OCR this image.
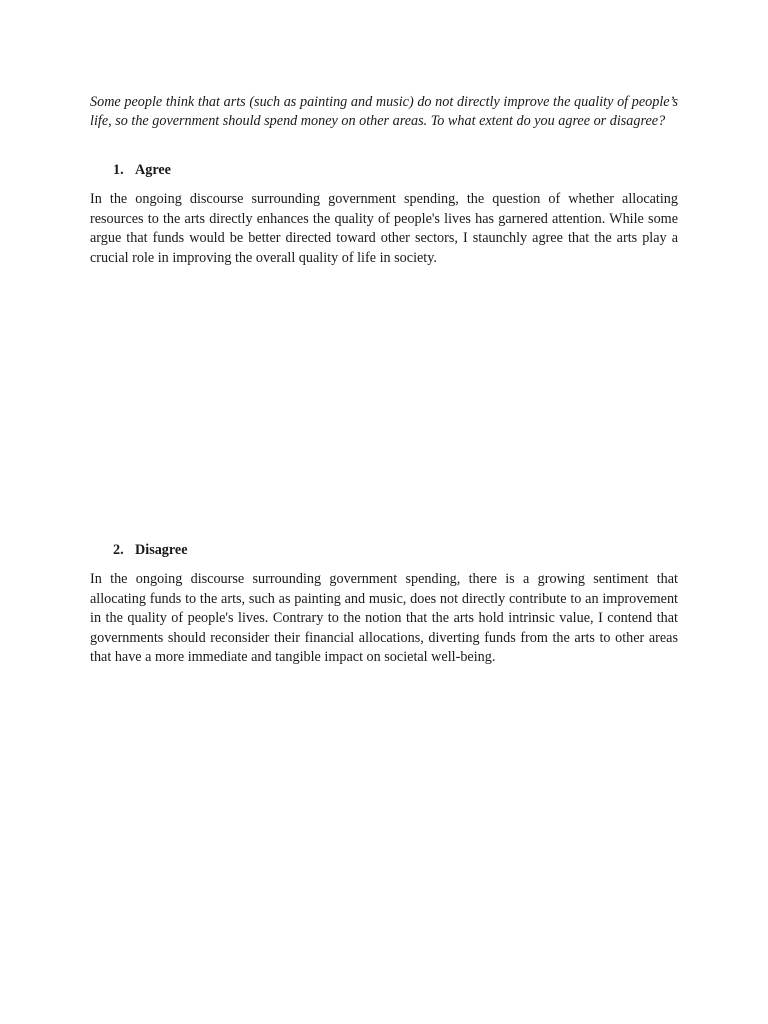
Some people think that arts (such as painting and music) do not directly improve the quality of people’s life, so the government should spend money on other areas. To what extent do you agree or disagree?

1. Agree

In the ongoing discourse surrounding government spending, the question of whether allocating resources to the arts directly enhances the quality of people's lives has garnered attention. While some argue that funds would be better directed toward other sectors, I staunchly agree that the arts play a crucial role in improving the overall quality of life in society.

2. Disagree

In the ongoing discourse surrounding government spending, there is a growing sentiment that allocating funds to the arts, such as painting and music, does not directly contribute to an improvement in the quality of people's lives. Contrary to the notion that the arts hold intrinsic value, I contend that governments should reconsider their financial allocations, diverting funds from the arts to other areas that have a more immediate and tangible impact on societal well-being.
